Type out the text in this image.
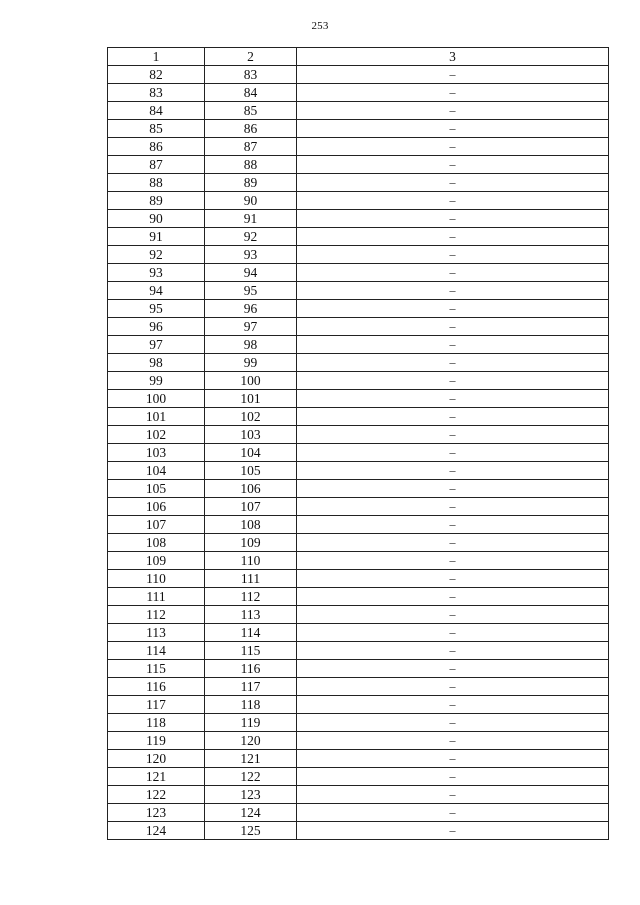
253
1	2	3
82	83	–
83	84	–
84	85	–
85	86	–
86	87	–
87	88	–
88	89	–
89	90	–
90	91	–
91	92	–
92	93	–
93	94	–
94	95	–
95	96	–
96	97	–
97	98	–
98	99	–
99	100	–
100	101	–
101	102	–
102	103	–
103	104	–
104	105	–
105	106	–
106	107	–
107	108	–
108	109	–
109	110	–
110	111	–
111	112	–
112	113	–
113	114	–
114	115	–
115	116	–
116	117	–
117	118	–
118	119	–
119	120	–
120	121	–
121	122	–
122	123	–
123	124	–
124	125	–
